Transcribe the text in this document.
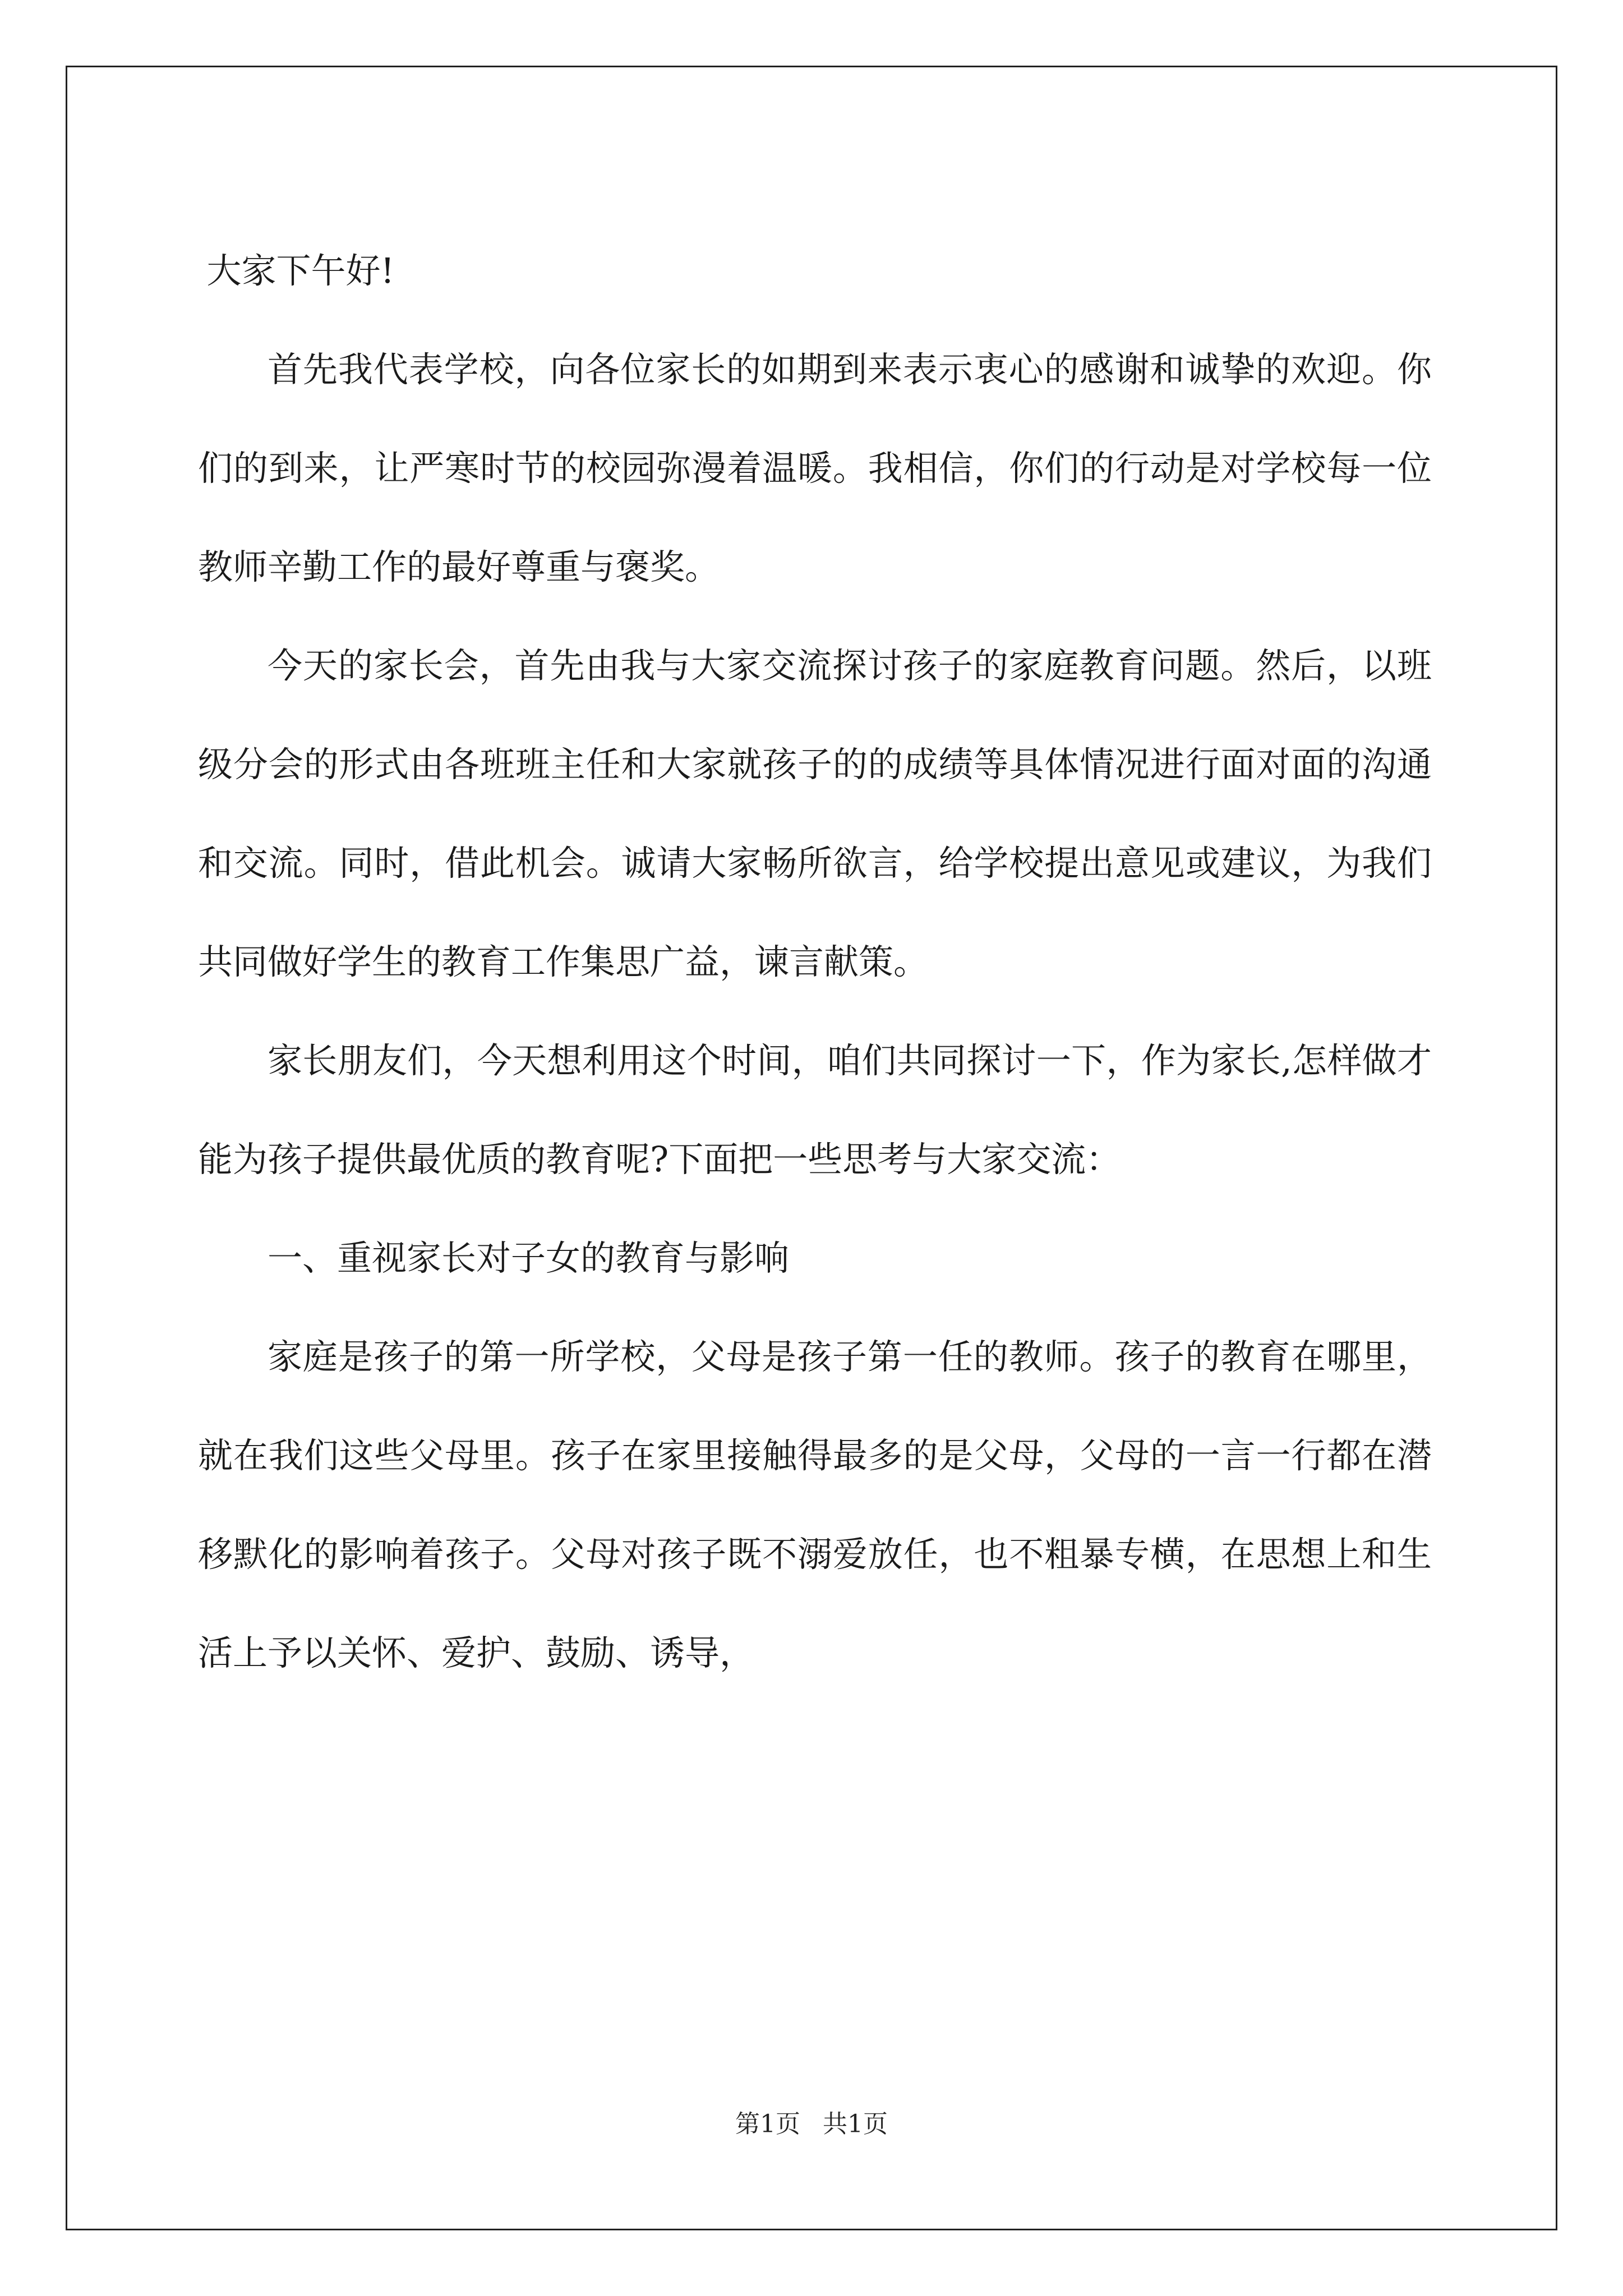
大家下午好!

首先我代表学校，向各位家长的如期到来表示衷心的感谢和诚挚的欢迎。你们的到来，让严寒时节的校园弥漫着温暖。我相信，你们的行动是对学校每一位教师辛勤工作的最好尊重与褒奖。

今天的家长会，首先由我与大家交流探讨孩子的家庭教育问题。然后，以班级分会的形式由各班班主任和大家就孩子的的成绩等具体情况进行面对面的沟通和交流。同时，借此机会。诚请大家畅所欲言，给学校提出意见或建议，为我们共同做好学生的教育工作集思广益，谏言献策。

家长朋友们，今天想利用这个时间，咱们共同探讨一下，作为家长,怎样做才能为孩子提供最优质的教育呢?下面把一些思考与大家交流：

一、重视家长对子女的教育与影响

家庭是孩子的第一所学校，父母是孩子第一任的教师。孩子的教育在哪里，就在我们这些父母里。孩子在家里接触得最多的是父母，父母的一言一行都在潜移默化的影响着孩子。父母对孩子既不溺爱放任，也不粗暴专横，在思想上和生活上予以关怀、爱护、鼓励、诱导，

第1页 共1页
